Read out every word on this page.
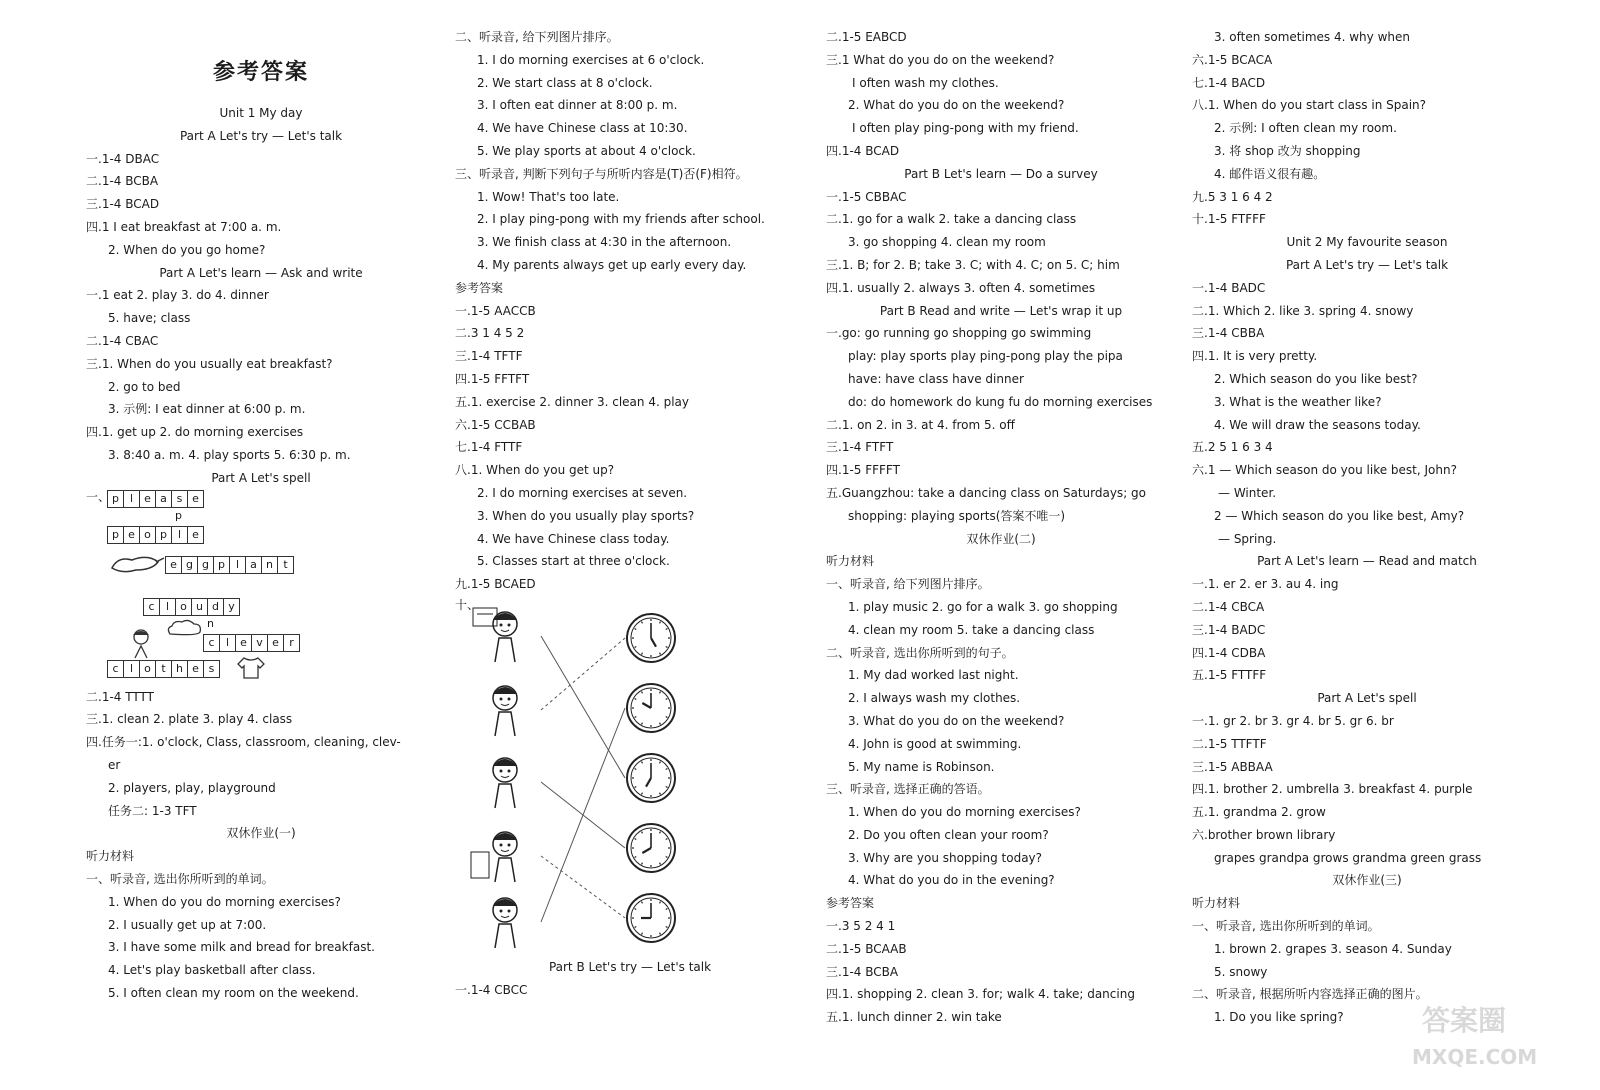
参考答案
Unit 1 My day
Part A Let's try — Let's talk
一.1-4 DBAC
二.1-4 BCBA
三.1-4 BCAD
四.1 I eat breakfast at 7:00 a. m.
2. When do you go home?
Part A Let's learn — Ask and write
一.1 eat 2. play 3. do 4. dinner
5. have; class
二.1-4 CBAC
三.1. When do you usually eat breakfast?
2. go to bed
3. 示例: I eat dinner at 6:00 p. m.
四.1. get up 2. do morning exercises
3. 8:40 a. m. 4. play sports 5. 6:30 p. m.
Part A Let's spell
一、 p l	e a s e
p
p e o p l	e
e g g p l	a n t
c	l	o u d y
n
c	l	e v e r
c	l	o t h e s
二.1-4 TTTT
三.1. clean 2. plate 3. play 4. class
四.任务一:1. o'clock, Class, classroom, cleaning, clev-
er
2. players, play, playground
任务二: 1-3 TFT
双休作业(一)
听力材料
一、听录音, 选出你所听到的单词。
1. When do you do morning exercises?
2. I usually get up at 7:00.
3. I have some milk and bread for breakfast.
4. Let's play basketball after class.
5. I often clean my room on the weekend.
二、听录音, 给下列图片排序。
1. I do morning exercises at 6 o'clock.
2. We start class at 8 o'clock.
3. I often eat dinner at 8:00 p. m.
4. We have Chinese class at 10:30.
5. We play sports at about 4 o'clock.
三、听录音, 判断下列句子与所听内容是(T)否(F)相符。
1. Wow! That's too late.
2. I play ping-pong with my friends after school.
3. We finish class at 4:30 in the afternoon.
4. My parents always get up early every day.
参考答案
一.1-5 AACCB
二.3 1 4 5 2
三.1-4 TFTF
四.1-5 FFTFT
五.1. exercise 2. dinner 3. clean 4. play
六.1-5 CCBAB
七.1-4 FTTF
八.1. When do you get up?
2. I do morning exercises at seven.
3. When do you usually play sports?
4. We have Chinese class today.
5. Classes start at three o'clock.
九.1-5 BCAED
十、
Part B Let's try — Let's talk
一.1-4 CBCC
二.1-5 EABCD
三.1 What do you do on the weekend?
I often wash my clothes.
2. What do you do on the weekend?
I often play ping-pong with my friend.
四.1-4 BCAD
Part B Let's learn — Do a survey
一.1-5 CBBAC
二.1. go for a walk 2. take a dancing class
3. go shopping 4. clean my room
三.1. B; for 2. B; take 3. C; with 4. C; on 5. C; him
四.1. usually 2. always 3. often 4. sometimes
Part B Read and write — Let's wrap it up
一.go: go running go shopping go swimming
play: play sports play ping-pong play the pipa
have: have class have dinner
do: do homework do kung fu do morning exercises
二.1. on 2. in 3. at 4. from 5. off
三.1-4 FTFT
四.1-5 FFFFT
五.Guangzhou: take a dancing class on Saturdays; go
shopping: playing sports(答案不唯一)
双休作业(二)
听力材料
一、听录音, 给下列图片排序。
1. play music 2. go for a walk 3. go shopping
4. clean my room 5. take a dancing class
二、听录音, 选出你所听到的句子。
1. My dad worked last night.
2. I always wash my clothes.
3. What do you do on the weekend?
4. John is good at swimming.
5. My name is Robinson.
三、听录音, 选择正确的答语。
1. When do you do morning exercises?
2. Do you often clean your room?
3. Why are you shopping today?
4. What do you do in the evening?
参考答案
一.3 5 2 4 1
二.1-5 BCAAB
三.1-4 BCBA
四.1. shopping 2. clean 3. for; walk 4. take; dancing
五.1. lunch dinner 2. win take
3. often sometimes 4. why when
六.1-5 BCACA
七.1-4 BACD
八.1. When do you start class in Spain?
2. 示例: I often clean my room.
3. 将 shop 改为 shopping
4. 邮件语义很有趣。
九.5 3 1 6 4 2
十.1-5 FTFFF
Unit 2 My favourite season
Part A Let's try — Let's talk
一.1-4 BADC
二.1. Which 2. like 3. spring 4. snowy
三.1-4 CBBA
四.1. It is very pretty.
2. Which season do you like best?
3. What is the weather like?
4. We will draw the seasons today.
五.2 5 1 6 3 4
六.1 — Which season do you like best, John?
— Winter.
2 — Which season do you like best, Amy?
— Spring.
Part A Let's learn — Read and match
一.1. er 2. er 3. au 4. ing
二.1-4 CBCA
三.1-4 BADC
四.1-4 CDBA
五.1-5 FTTFF
Part A Let's spell
一.1. gr 2. br 3. gr 4. br 5. gr 6. br
二.1-5 TTFTF
三.1-5 ABBAA
四.1. brother 2. umbrella 3. breakfast 4. purple
五.1. grandma 2. grow
六.brother brown library
grapes grandpa grows grandma green grass
双休作业(三)
听力材料
一、听录音, 选出你所听到的单词。
1. brown 2. grapes 3. season 4. Sunday
5. snowy
二、听录音, 根据所听内容选择正确的图片。
1. Do you like spring?	答案圈
MXQE.COM
